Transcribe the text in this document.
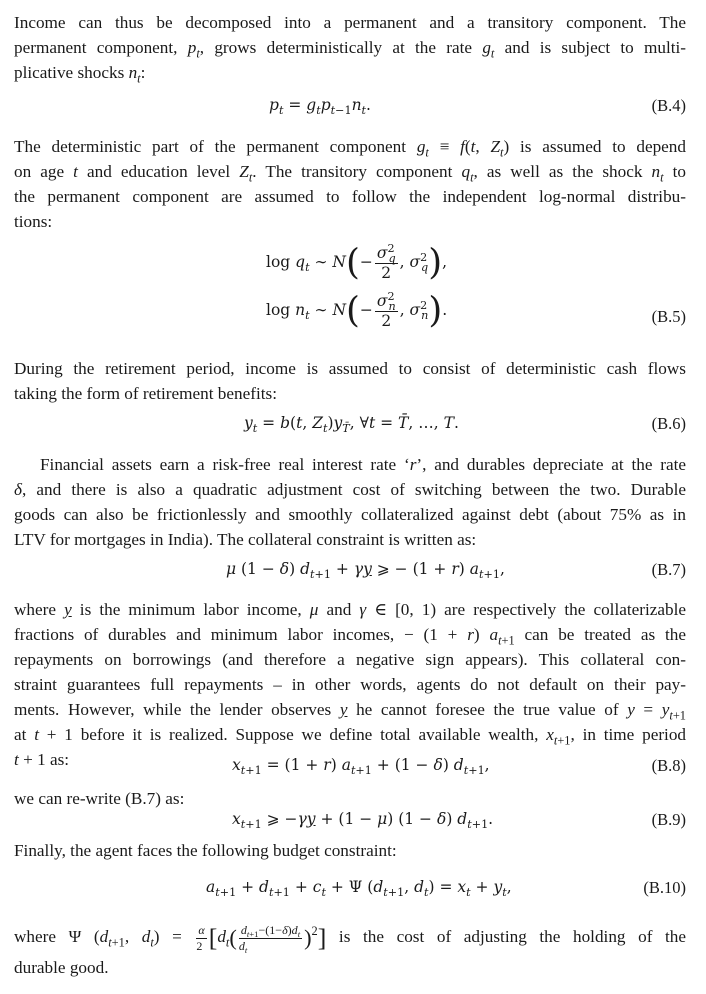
Income can thus be decomposed into a permanent and a transitory component. The
permanent component, $p_t$, grows deterministically at the rate $g_t$ and is subject to multi-
plicative shocks $n_t$:
$p_t = g_tp_{t-1}n_t$.	(B.4)
The deterministic part of the permanent component $g_t \equiv f(t$, $Z_t$) is assumed to depend
on age t and education level $Z_t$. The transitory component $q_t$, as well as the shock $n_t$ to
the permanent component are assumed to follow the independent log-normal distribu-
tions:
$\log q_t$ ∼ $N(- \frac{\sigma^2_q}{2}$ , $\sigma^2_q$),
$\log n_t$ ∼ $N(- \frac{\sigma^2_n}{2}$ , $\sigma^2_n$).	(B.5)
During the retirement period, income is assumed to consist of deterministic cash flows
taking the form of retirement benefits:
$y_t = b(t$, $Z_t)y_{T̄}$, ∀t = T̄, …, T.	(B.6)
Financial assets earn a risk-free real interest rate ‘r’, and durables depreciate at the rate
δ, and there is also a quadratic adjustment cost of switching between the two. Durable
goods can also be frictionlessly and smoothly collateralized against debt (about 75% as in
LTV for mortgages in India). The collateral constraint is written as:
μ (1 − δ) $d_{t+1} + \gamma y$ ⩾ − (1 + r) $a_{t+1}$,	(B.7)
where y is the minimum labor income, μ and γ ∈ [0, 1) are respectively the collaterizable
fractions of durables and minimum labor incomes, − (1 + r) $a_{t+1}$ can be treated as the
repayments on borrowings (and therefore a negative sign appears). This collateral con-
straint guarantees full repayments – in other words, agents do not default on their pay-
ments. However, while the lender observes y he cannot foresee the true value of $y = y_{t+1}$
at t + 1 before it is realized. Suppose we define total available wealth, $x_{t+1}$, in time period
t + 1 as:	$x_{t+1} = (1 + r) a_{t+1} + (1 - \delta)$ $d_{t+1}$,	(B.8)
we can re-write (B.7) as:
$x_{t+1}$ ⩾ −γy + (1 − μ) (1 − δ) $d_{t+1}$.	(B.9)
Finally, the agent faces the following budget constraint:
$a_{t+1} + d_{t+1} + c_t + \Psi$ ($d_{t+1}$, $d_t) = x_t + y_t$,	(B.10)
where Ψ ($d_{t+1}$, $d_t) = \frac{\alpha}{2} [d_t( \frac{d_{t+1}-(1-\delta)d_t}{d_t} )^2]$ is the cost of adjusting the holding of the
durable good.
